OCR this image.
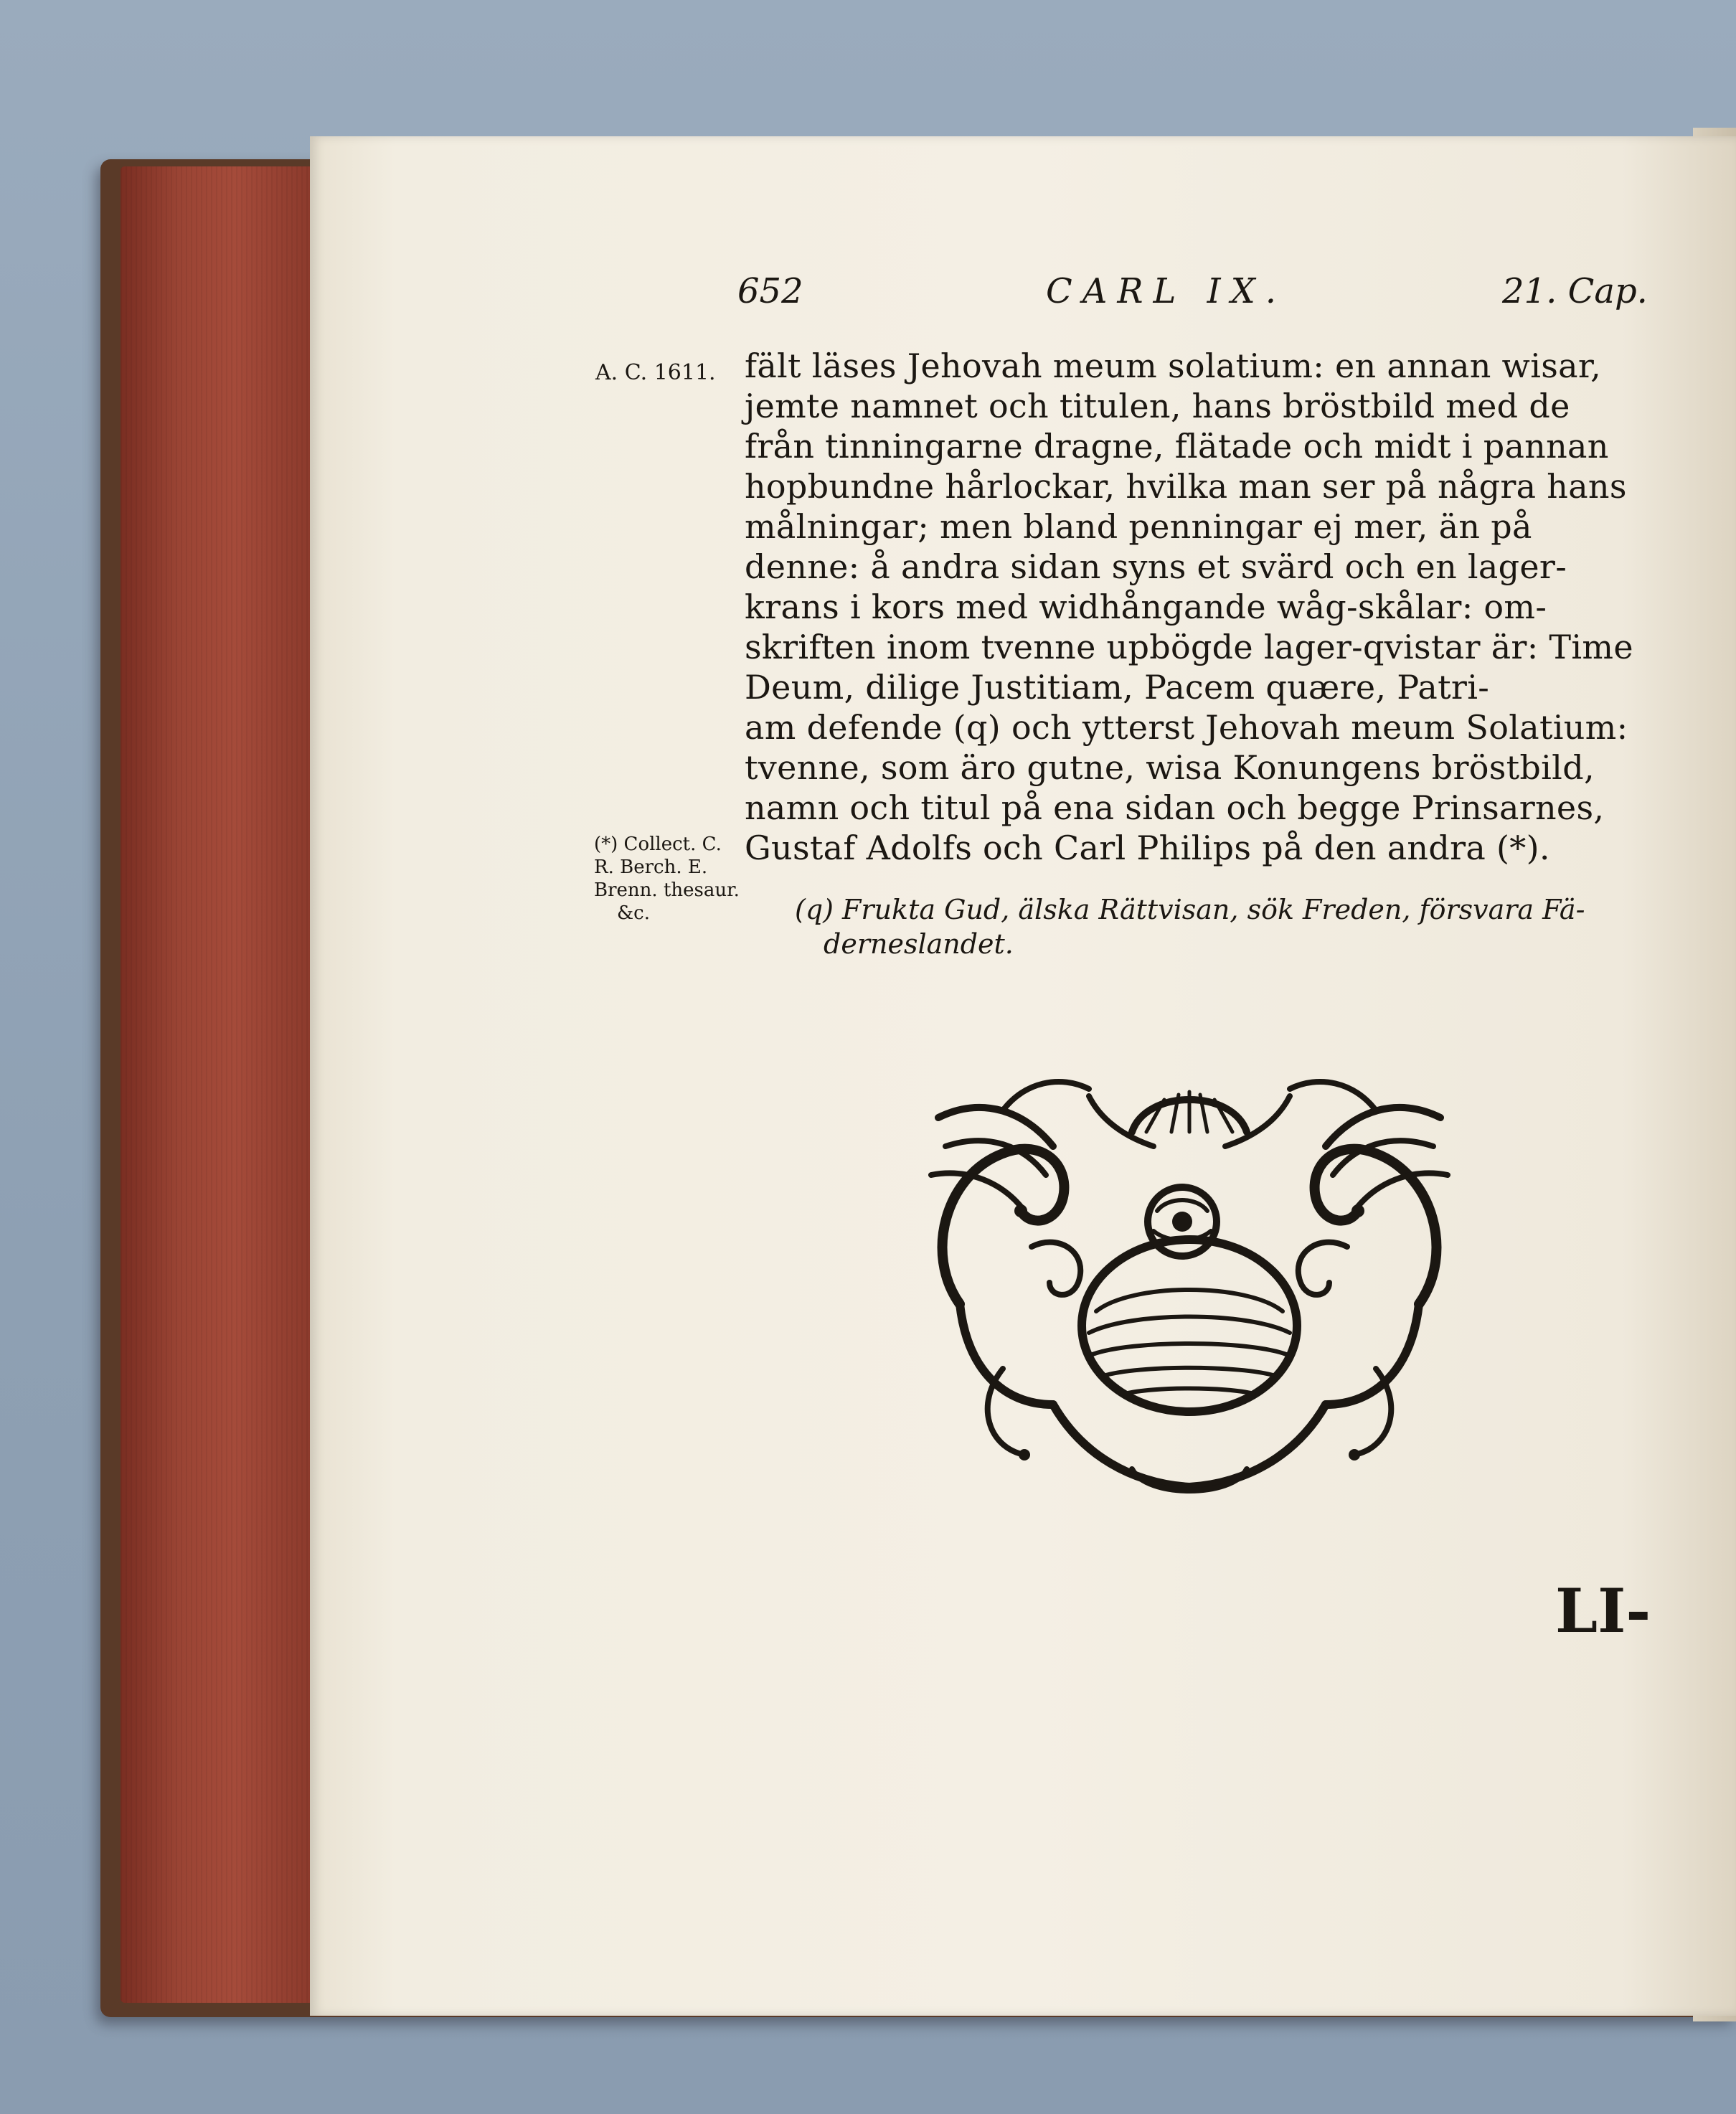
652	CARL IX.	21. Cap.
A. C. 1611. fält läses Jehovah meum solatium: en annan wisar,
jemte namnet och titulen, hans bröstbild med de
från tinningarne dragne, flätade och midt i pannan
hopbundne hårlockar, hvilka man ser på några hans
målningar; men bland penningar ej mer, än på
denne: å andra sidan syns et svärd och en lager-
krans i kors med widhångande wåg-skålar: om-
skriften inom tvenne upbögde lager-qvistar är: Time
Deum, dilige Justitiam, Pacem quære, Patri-
am defende (q) och ytterst Jehovah meum Solatium:
tvenne, som äro gutne, wisa Konungens bröstbild,
namn och titul på ena sidan och begge Prinsarnes,
Gustaf Adolfs och Carl Philips på den andra (*).
(*) Collect. C.
R. Berch. E.
Brenn. thesaur.
&c.	(q) Frukta Gud, älska Rättvisan, sök Freden, försvara Fä-
derneslandet.
LI-
